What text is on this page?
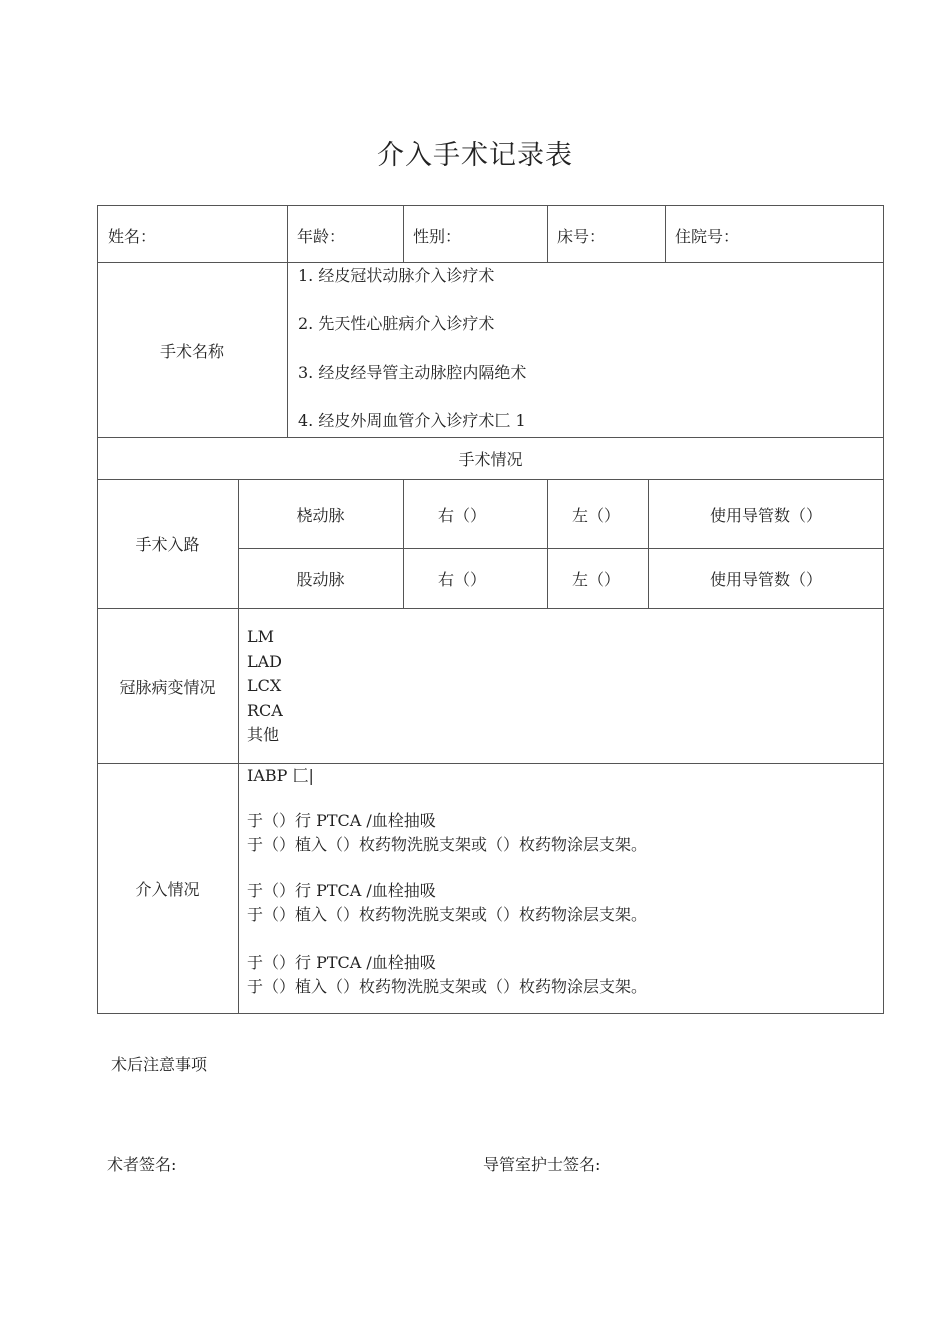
介入手术记录表
姓名：	年龄：	性别：	床号：	住院号：
手术名称
1. 经皮冠状动脉介入诊疗术
2. 先天性心脏病介入诊疗术
3. 经皮经导管主动脉腔内隔绝术
4. 经皮外周血管介入诊疗术匚 1
手术情况
手术入路
桡动脉	右（）	左（）	使用导管数（）
股动脉	右（）	左（）	使用导管数（）
冠脉病变情况
LM
LAD
LCX
RCA
其他
介入情况
IABP 匚|
于（）行 PTCA /血栓抽吸
于（）植入（）枚药物洗脱支架或（）枚药物涂层支架。
于（）行 PTCA /血栓抽吸
于（）植入（）枚药物洗脱支架或（）枚药物涂层支架。
于（）行 PTCA /血栓抽吸
于（）植入（）枚药物洗脱支架或（）枚药物涂层支架。
术后注意事项
术者签名:	导管室护士签名:
